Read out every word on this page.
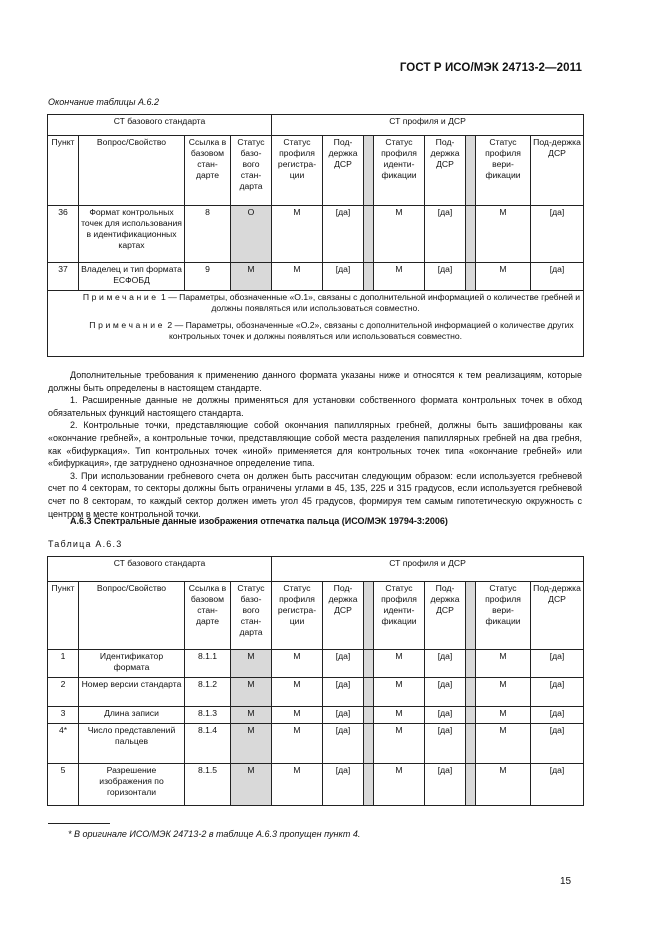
ГОСТ Р ИСО/МЭК 24713-2—2011
Окончание таблицы А.6.2
СТ базового стандарта				СТ профиля и ДСР							
Пункт	Вопрос/Свойство	Ссылка в базовом стан-дарте	Статус базо-вого стан-дарта	Статус профиля регистра-ции	Под-держка ДСР		Статус профиля иденти-фикации	Под-держка ДСР		Статус профиля вери-фикации	Под-держка ДСР
36	Формат контрольных точек для использования в идентификационных картах	8	О	М	[да]		М	[да]		М	[да]
37	Владелец и тип формата ЕСФОБД	9	М	М	[да]		М	[да]		М	[да]

Примечание 1 — Параметры, обозначенные «О.1», связаны с дополнительной информацией о количестве гребней и должны появляться или использоваться совместно.

Примечание 2 — Параметры, обозначенные «О.2», связаны с дополнительной информацией о количестве других контрольных точек и должны появляться или использоваться совместно.											

Дополнительные требования к применению данного формата указаны ниже и относятся к тем реализациям, которые должны быть определены в настоящем стандарте.

1. Расширенные данные не должны применяться для установки собственного формата контрольных точек в обход обязательных функций настоящего стандарта.

2. Контрольные точки, представляющие собой окончания папиллярных гребней, должны быть зашифрованы как «окончание гребней», а контрольные точки, представляющие собой места разделения папиллярных гребней на два гребня, как «бифуркация». Тип контрольных точек «иной» применяется для контрольных точек типа «окончание гребней» или «бифуркация», где затруднено однозначное определение типа.

3. При использовании гребневого счета он должен быть рассчитан следующим образом: если используется гребневой счет по 4 секторам, то секторы должны быть ограничены углами в 45, 135, 225 и 315 градусов, если используется гребневой счет по 8 секторам, то каждый сектор должен иметь угол 45 градусов, формируя тем самым гипотетическую окружность с центром в месте контрольной точки.

А.6.3 Спектральные данные изображения отпечатка пальца (ИСО/МЭК 19794-3:2006)
Таблица А.6.3
СТ базового стандарта				СТ профиля и ДСР							
Пункт	Вопрос/Свойство	Ссылка в базовом стан-дарте	Статус базо-вого стан-дарта	Статус профиля регистра-ции	Под-держка ДСР		Статус профиля иденти-фикации	Под-держка ДСР		Статус профиля вери-фикации	Под-держка ДСР
1	Идентификатор формата	8.1.1	М	М	[да]		М	[да]		М	[да]
2	Номер версии стандарта	8.1.2	М	М	[да]		М	[да]		М	[да]
3	Длина записи	8.1.3	М	М	[да]		М	[да]		М	[да]
4*	Число представлений пальцев	8.1.4	М	М	[да]		М	[да]		М	[да]
5	Разрешение изображения по горизонтали	8.1.5	М	М	[да]		М	[да]		М	[да]
* В оригинале ИСО/МЭК 24713-2 в таблице А.6.3 пропущен пункт 4.
15
